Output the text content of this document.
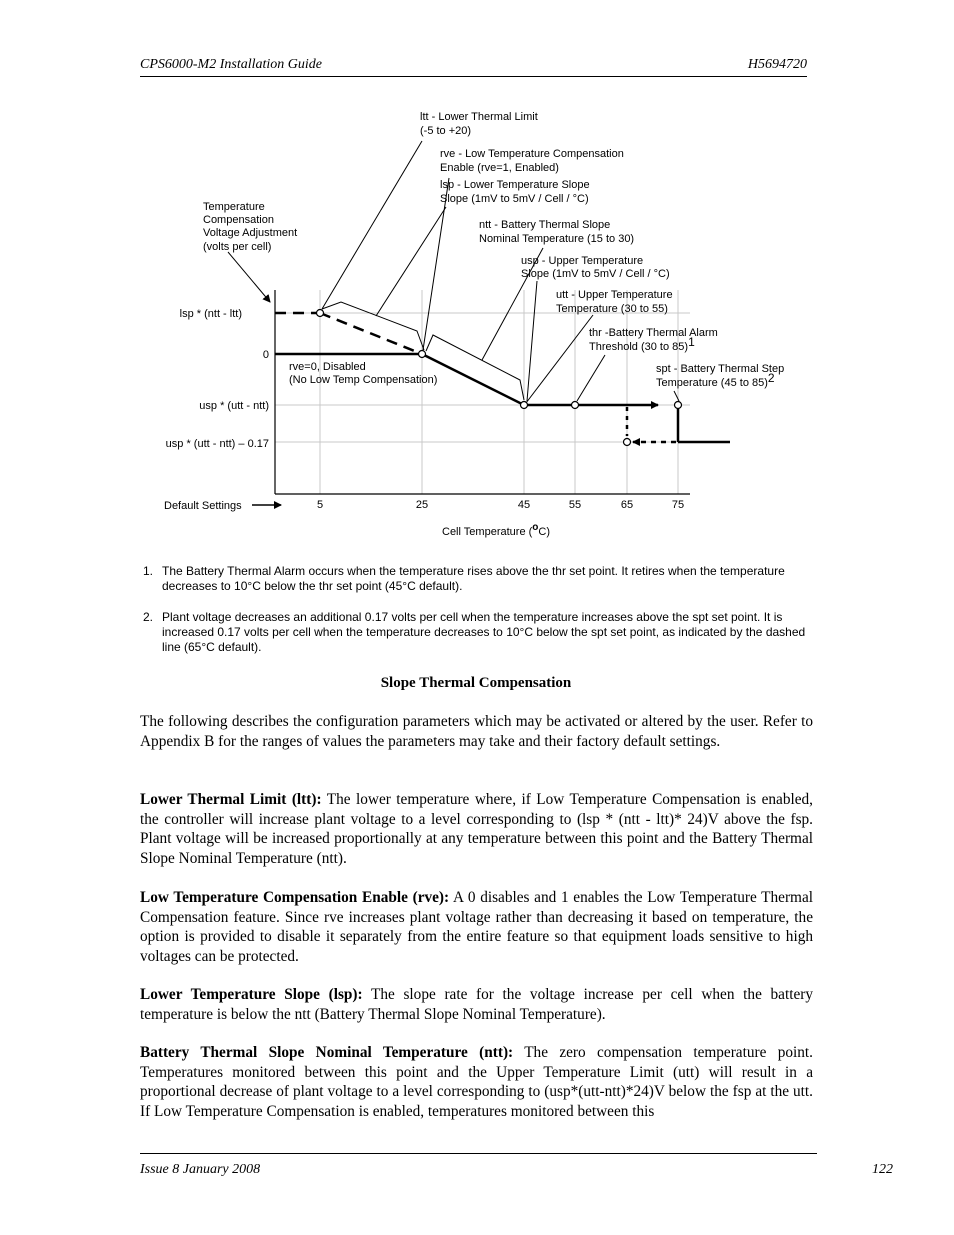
CPS6000-M2 Installation Guide	H5694720
ltt - Lower Thermal Limit
(-5 to +20)
rve - Low Temperature Compensation
Enable (rve=1, Enabled)
lsp - Lower Temperature Slope
Slope (1mV to 5mV / Cell / °C)
ntt - Battery Thermal Slope
Nominal Temperature (15 to 30)
usp - Upper Temperature
Slope (1mV to 5mV / Cell / °C)
utt - Upper Temperature
Temperature (30 to 55)
thr -Battery Thermal Alarm
Threshold (30 to 85)1
spt - Battery Thermal Step
Temperature (45 to 85)2
Temperature
Compensation
Voltage Adjustment
(volts per cell)
lsp * (ntt - ltt)
0
usp * (utt - ntt)
usp * (utt - ntt) – 0.17
rve=0, Disabled
(No Low Temp Compensation)
5	25	45	55	65	75
Default Settings
Cell Temperature (oC)
1. The Battery Thermal Alarm occurs when the temperature rises above the thr set point. It retires when the temperature decreases to 10°C below the thr set point (45°C default).
2. Plant voltage decreases an additional 0.17 volts per cell when the temperature increases above the spt set point. It is increased 0.17 volts per cell when the temperature decreases to 10°C below the spt set point, as indicated by the dashed line (65°C default).
Slope Thermal Compensation
The following describes the configuration parameters which may be activated or altered by the user. Refer to Appendix B for the ranges of values the parameters may take and their factory default settings.
Lower Thermal Limit (ltt): The lower temperature where, if Low Temperature Compensation is enabled, the controller will increase plant voltage to a level corresponding to (lsp * (ntt - ltt)* 24)V above the fsp. Plant voltage will be increased proportionally at any temperature between this point and the Battery Thermal Slope Nominal Temperature (ntt).
Low Temperature Compensation Enable (rve): A 0 disables and 1 enables the Low Temperature Thermal Compensation feature. Since rve increases plant voltage rather than decreasing it based on temperature, the option is provided to disable it separately from the entire feature so that equipment loads sensitive to high voltages can be protected.
Lower Temperature Slope (lsp): The slope rate for the voltage increase per cell when the battery temperature is below the ntt (Battery Thermal Slope Nominal Temperature).
Battery Thermal Slope Nominal Temperature (ntt): The zero compensation temperature point. Temperatures monitored between this point and the Upper Temperature Limit (utt) will result in a proportional decrease of plant voltage to a level corresponding to (usp*(utt-ntt)*24)V below the fsp at the utt. If Low Temperature Compensation is enabled, temperatures monitored between this
Issue 8 January 2008	122
